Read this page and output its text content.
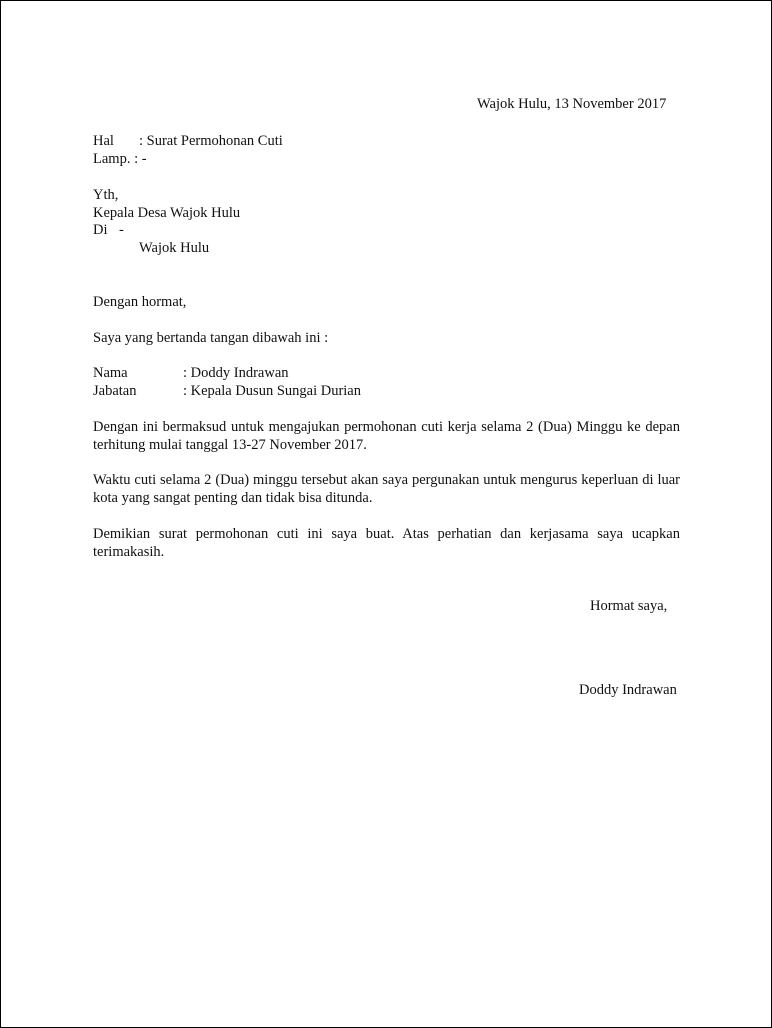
Wajok Hulu, 13 November 2017
Hal : Surat Permohonan Cuti
Lamp. : -
Yth,
Kepala Desa Wajok Hulu
Di -
Wajok Hulu
Dengan hormat,
Saya yang bertanda tangan dibawah ini :
Nama	: Doddy Indrawan
Jabatan	: Kepala Dusun Sungai Durian
Dengan ini bermaksud untuk mengajukan permohonan cuti kerja selama 2 (Dua) Minggu ke depan terhitung mulai tanggal 13-27 November 2017.
Waktu cuti selama 2 (Dua) minggu tersebut akan saya pergunakan untuk mengurus keperluan di luar kota yang sangat penting dan tidak bisa ditunda.
Demikian surat permohonan cuti ini saya buat. Atas perhatian dan kerjasama saya ucapkan terimakasih.
Hormat saya,
Doddy Indrawan
